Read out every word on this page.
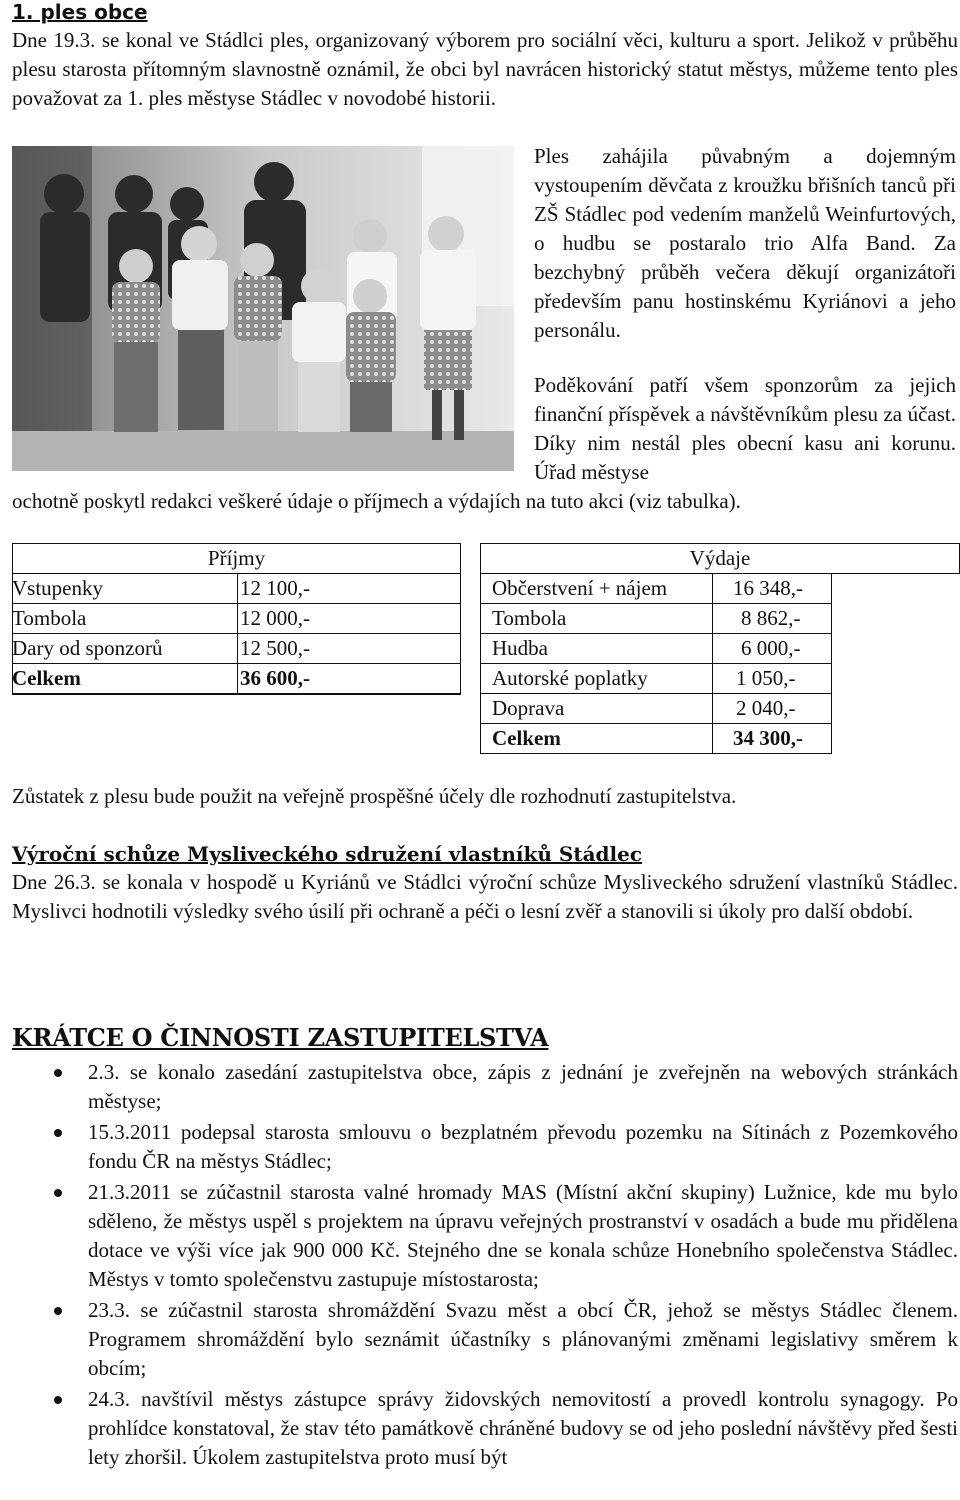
1. ples obce

Dne 19.3. se konal ve Stádlci ples, organizovaný výborem pro sociální věci, kulturu a sport. Jelikož v průběhu plesu starosta přítomným slavnostně oznámil, že obci byl navrácen historický statut městys, můžeme tento ples považovat za 1. ples městyse Stádlec v novodobé historii.

Ples zahájila půvabným a dojemným vystoupením děvčata z kroužku břišních tanců při ZŠ Stádlec pod vedením manželů Weinfurtových, o hudbu se postaralo trio Alfa Band. Za bezchybný průběh večera děkují organizátoři především panu hostinskému Kyriánovi a jeho personálu.

Poděkování patří všem sponzorům za jejich finanční příspěvek a návštěvníkům plesu za účast. Díky nim nestál ples obecní kasu ani korunu. Úřad městyse

ochotně poskytl redakci veškeré údaje o příjmech a výdajích na tuto akci (viz tabulka).

Příjmy	Výdaje
Vstupenky	12 100,-
Tombola	12 000,-
Dary od sponzorů	12 500,-
Celkem	36 600,-
Občerstvení + nájem	16 348,-
Tombola	8 862,-
Hudba	6 000,-
Autorské poplatky	1 050,-
Doprava	2 040,-
Celkem	34 300,-

Zůstatek z plesu bude použit na veřejně prospěšné účely dle rozhodnutí zastupitelstva.

Výroční schůze Mysliveckého sdružení vlastníků Stádlec

Dne 26.3. se konala v hospodě u Kyriánů ve Stádlci výroční schůze Mysliveckého sdružení vlastníků Stádlec. Myslivci hodnotili výsledky svého úsilí při ochraně a péči o lesní zvěř a stanovili si úkoly pro další období.

KRÁTCE O ČINNOSTI ZASTUPITELSTVA
2.3. se konalo zasedání zastupitelstva obce, zápis z jednání je zveřejněn na webových stránkách městyse;
15.3.2011 podepsal starosta smlouvu o bezplatném převodu pozemku na Sítinách z Pozemkového fondu ČR na městys Stádlec;
21.3.2011 se zúčastnil starosta valné hromady MAS (Místní akční skupiny) Lužnice, kde mu bylo sděleno, že městys uspěl s projektem na úpravu veřejných prostranství v osadách a bude mu přidělena dotace ve výši více jak 900 000 Kč. Stejného dne se konala schůze Honebního společenstva Stádlec. Městys v tomto společenstvu zastupuje místostarosta;
23.3. se zúčastnil starosta shromáždění Svazu měst a obcí ČR, jehož se městys Stádlec členem. Programem shromáždění bylo seznámit účastníky s plánovanými změnami legislativy směrem k obcím;
24.3. navštívil městys zástupce správy židovských nemovitostí a provedl kontrolu synagogy. Po prohlídce konstatoval, že stav této památkově chráněné budovy se od jeho poslední návštěvy před šesti lety zhoršil. Úkolem zastupitelstva proto musí být
